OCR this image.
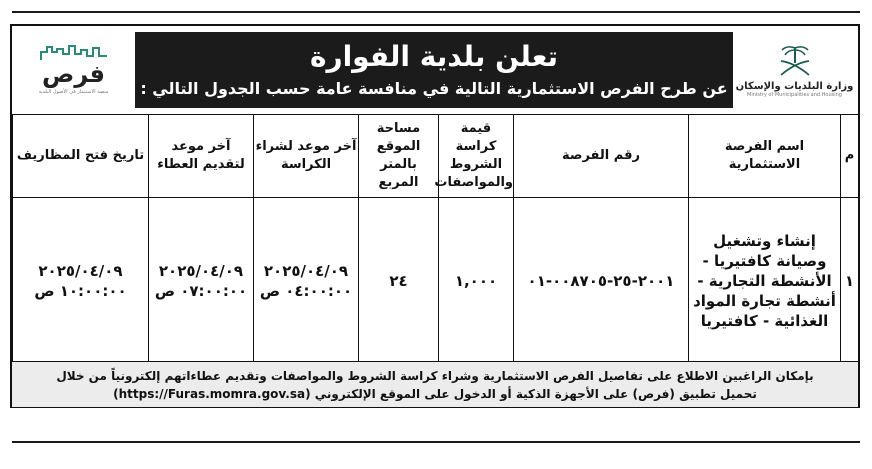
فرص
منصة الاستثمار في الأصول البلدية
تعلن بلدية الفوارة
عن طرح الفرص الاستثمارية التالية في منافسة عامة حسب الجدول التالي : وزارة البلديات والإسكان
Ministry of Municipalities and Housing
م	اسم الفرصة الاستثمارية	رقم الفرصة	قيمة كراسة الشروط والمواصفات	مساحة الموقع بالمتر المربع	آخر موعد لشراء الكراسة	آخر موعد لتقديم العطاء	تاريخ فتح المظاريف
١	إنشاء وتشغيل وصيانة كافتيريا - الأنشطة التجارية - أنشطة تجارة المواد الغذائية - كافتيريا	٢٠٠١-٢٥-٠٠٨٧٠٥-٠١	١,٠٠٠	٢٤	٢٠٢٥/٠٤/٠٩ ٠٤:٠٠:٠٠ ص	٢٠٢٥/٠٤/٠٩ ٠٧:٠٠:٠٠ ص	٢٠٢٥/٠٤/٠٩ ١٠:٠٠:٠٠ ص
بإمكان الراغبين الاطلاع على تفاصيل الفرص الاستثمارية وشراء كراسة الشروط والمواصفات وتقديم عطاءاتهم إلكترونياً من خلال
تحميل تطبيق (فرص) على الأجهزة الذكية أو الدخول على الموقع الإلكتروني (https://Furas.momra.gov.sa)
